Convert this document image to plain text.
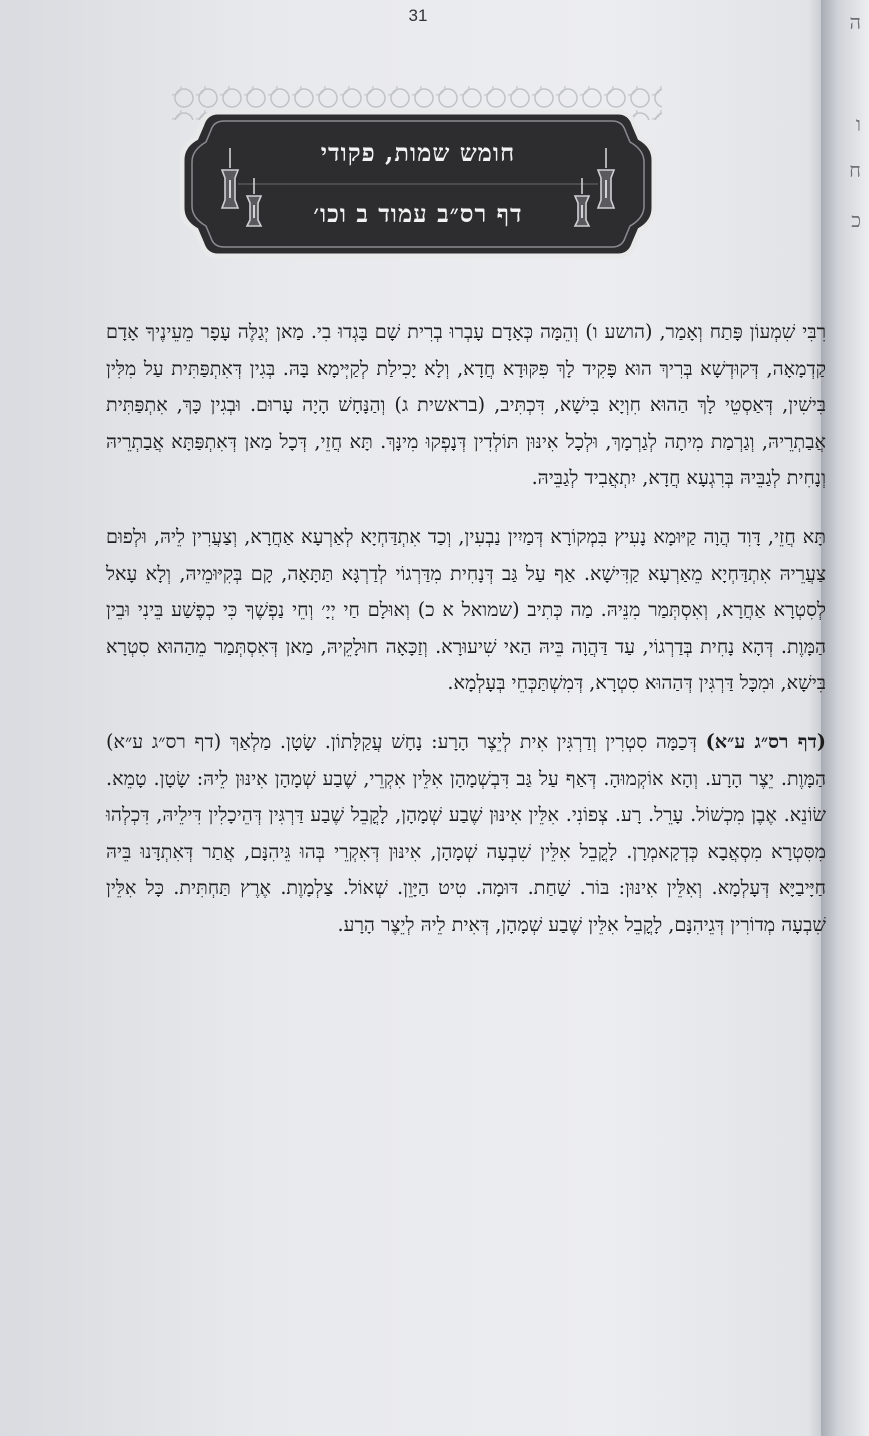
ה
ו
ח
כ
31
חומש שמות, פקודי
דף רס״ב עמוד ב וכו׳

רִבִּי שִׁמְעוֹן פָּתַח וְאָמַר, (הושע ו) וְהֵמָּה כְּאָדָם עָבְרוּ בְרִית שָׁם בָּגְדוּ בִי. מַאן יְגַלֶּה עָפָר מֵעֵינֶיךָ אָדָם קַדְמָאָה, דְּקוּדְשָׁא בְּרִיךְ הוּא פָּקִיד לָךְ פִּקּוּדָא חֲדָא, וְלָא יָכִילַת לְקַיְּימָא בָּהּ. בְּגִין דְּאִתְפַּתִּית עַל מִלִּין בִּישִׁין, דְּאַסְטֵי לָךְ הַהוּא חִוְיָא בִּישָׁא, דִּכְתִּיב, (בראשית ג) וְהַנָּחָשׁ הָיָה עָרוּם. וּבְגִין כָּךְ, אִתְפַּתִּית אֲבַתְרֵיהּ, וְגַרְמַת מִיתָה לְגַרְמָךְ, וּלְכָל אִינּוּן תּוֹלְדִין דְּנָפְקוּ מִינָּךְ. תָּא חֲזֵי, דְּכָל מַאן דְּאִתְפַּתָּא אֲבַתְרֵיהּ וְנָחִית לְגַבֵּיהּ בְּרִגְעָא חֲדָא, יִתְאֲבִיד לְגַבֵּיהּ.

תָּא חֲזֵי, דָּוִד הֲוָה קַיּוּמָא נָעִיץ בִּמְקוֹרָא דְּמַיִין נַבְעִין, וְכַד אִתְדַּחְיָא לְאַרְעָא אַחֲרָא, וְצַעֲרִין לֵיהּ, וּלְפוּם צַעֲרֵיהּ אִתְדַּחְיָא מֵאַרְעָא קַדִּישָׁא. אַף עַל גַּב דְּנָחִית מִדַּרְגוֹי לְדַרְגָּא תַּתָּאָה, קָם בְּקִיּוּמֵיהּ, וְלָא עָאל לְסִטְרָא אַחֲרָא, וְאִסְתְּמַר מִנֵּיהּ. מַה כְּתִיב (שמואל א כ) וְאוּלָם חַי יְיָ׳ וְחֵי נַפְשֶׁךָ כִּי כְפֶשַׁע בֵּינִי וּבֵין הַמָּוֶת. דְּהָא נָחִית בְּדַרְגוֹי, עַד דַּהֲוָה בֵּיהּ הַאי שִׁיעוּרָא. וְזַכָּאָה חוּלָקֵיהּ, מַאן דְּאִסְתְּמַר מֵהַהוּא סִטְרָא בִּישָׁא, וּמִכָּל דַּרְגִּין דְּהַהוּא סִטְרָא, דְּמִשְׁתַּכְּחֵי בְּעָלְמָא.

(דף רס״ג ע״א) דְּכַמָּה סִטְרִין וְדַרְגִּין אִית לְיֵצֶר הָרָע: נָחָשׁ עֲקַלָּתוֹן. שָׂטָן. מַלְאַךְ (דף רס״ג ע״א) הַמָּוֶת. יֵצֶר הָרָע. וְהָא אוֹקְמוּהָ. דְּאַף עַל גַּב דִּבְשְׁמָהָן אִלֵּין אִקְרֵי, שֶׁבַע שְׁמָהָן אִינּוּן לֵיהּ: שָׂטָן. טָמֵא. שׂוֹנֵא. אֶבֶן מִכְשׁוֹל. עָרֵל. רָע. צְפוֹנִי. אִלֵּין אִינּוּן שֶׁבַע שְׁמָהָן, לָקֳבֵל שֶׁבַע דַּרְגִּין דְּהֵיכָלִין דִּילֵיהּ, דִּכְלְהוּ מִסִּטְרָא מִסְאֲבָא כְּדְקָאמְרָן. לָקֳבֵל אִלֵּין שִׁבְעָה שְׁמָהָן, אִינּוּן דְּאִקְרֵי בְּהוּ גֵּיהִנָּם, אֲתַר דְּאִתְדָּנוּ בֵּיהּ חַיָּיבַיָּא דְּעָלְמָא. וְאִלֵּין אִינּוּן: בּוֹר. שַׁחַת. דּוּמָה. טִיט הַיָּוֵן. שְׁאוֹל. צַלְמָוֶת. אֶרֶץ תַּחְתִּית. כָּל אִלֵּין שִׁבְעָה מְדוֹרִין דְּגֵיהִנָּם, לָקֳבֵל אִלֵּין שֶׁבַע שְׁמָהָן, דְּאִית לֵיהּ לְיֵצֶר הָרָע.
